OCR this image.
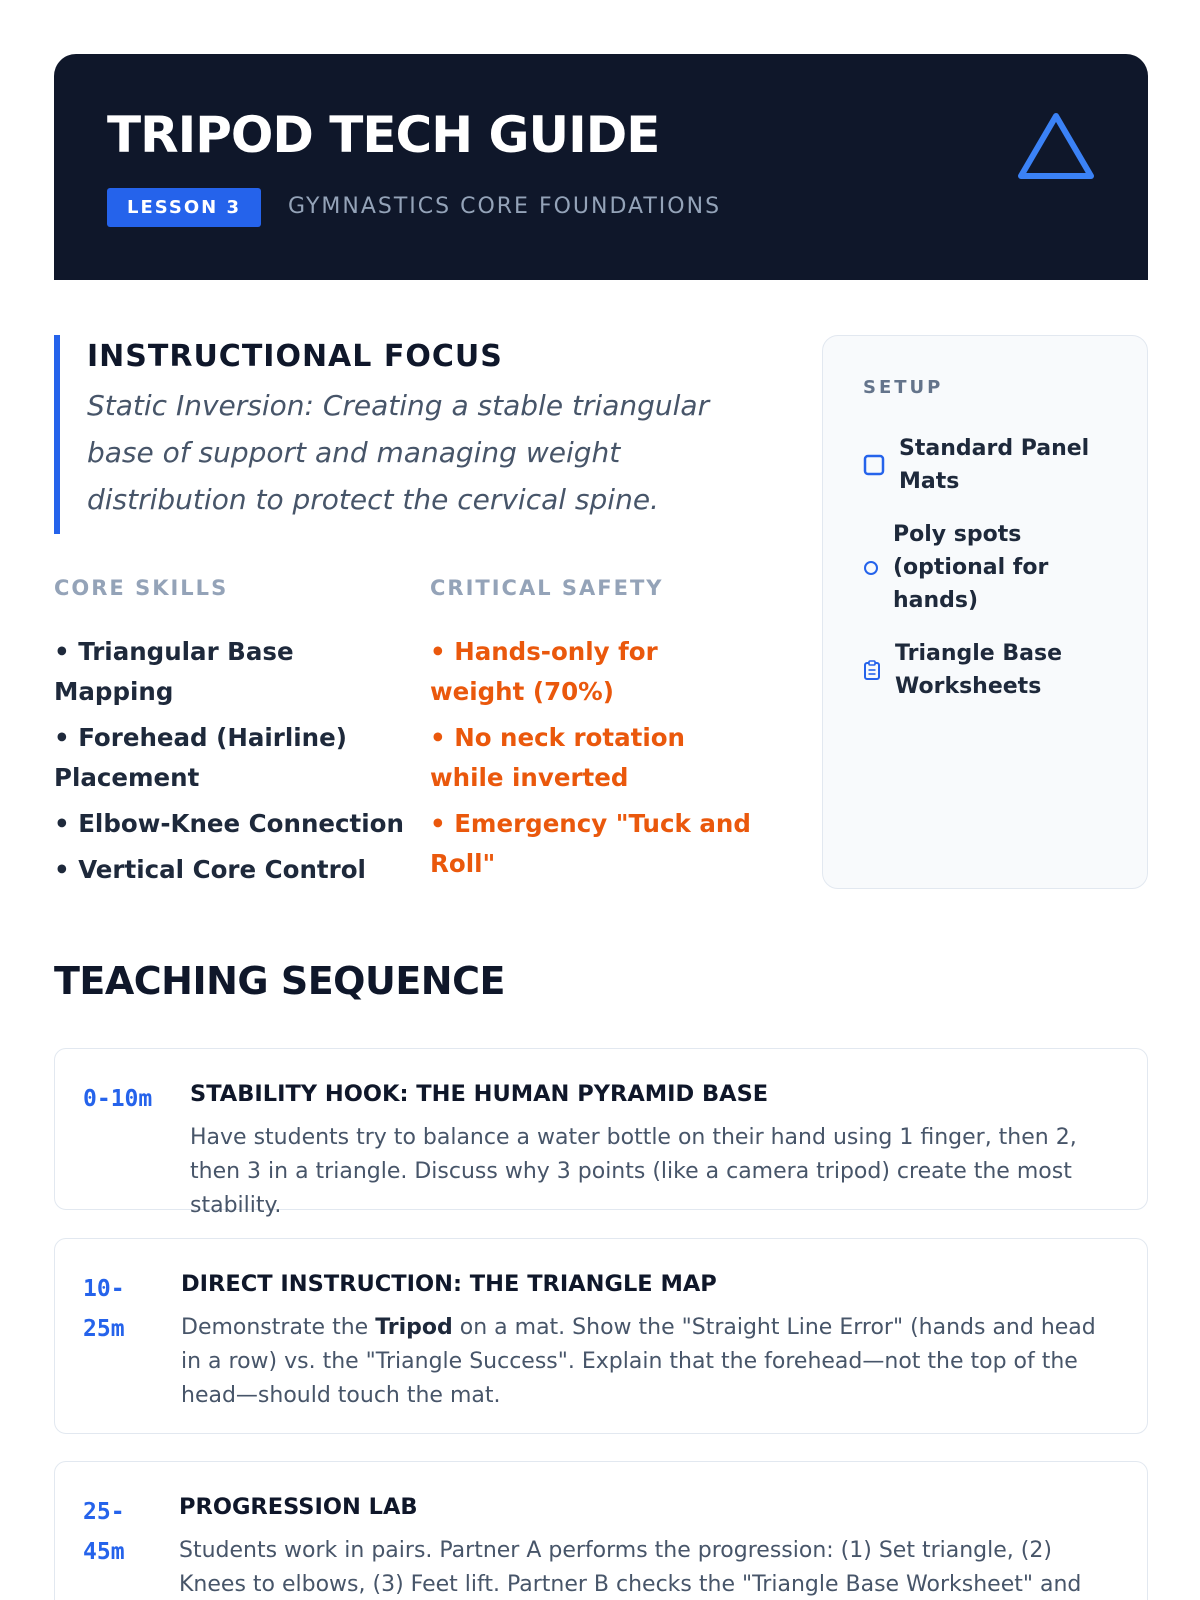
TRIPOD TECH GUIDE
LESSON 3	GYMNASTICS CORE FOUNDATIONS
INSTRUCTIONAL FOCUS
Static Inversion: Creating a stable triangular base of support and managing weight distribution to protect the cervical spine.
CORE SKILLS
• Triangular Base Mapping
• Forehead (Hairline) Placement
• Elbow-Knee Connection
• Vertical Core Control
CRITICAL SAFETY
• Hands-only for weight (70%)
• No neck rotation while inverted
• Emergency "Tuck and Roll"
SETUP
Standard Panel Mats
Poly spots (optional for hands)
Triangle Base Worksheets
TEACHING SEQUENCE
0-10m STABILITY HOOK: THE HUMAN PYRAMID BASE
Have students try to balance a water bottle on their hand using 1 finger, then 2, then 3 in a triangle. Discuss why 3 points (like a camera tripod) create the most stability.
10-25m
DIRECT INSTRUCTION: THE TRIANGLE MAP
Demonstrate the Tripod on a mat. Show the "Straight Line Error" (hands and head in a row) vs. the "Triangle Success". Explain that the forehead—not the top of the head—should touch the mat.
25-45m
PROGRESSION LAB
Students work in pairs. Partner A performs the progression: (1) Set triangle, (2) Knees to elbows, (3) Feet lift. Partner B checks the "Triangle Base Worksheet" and
